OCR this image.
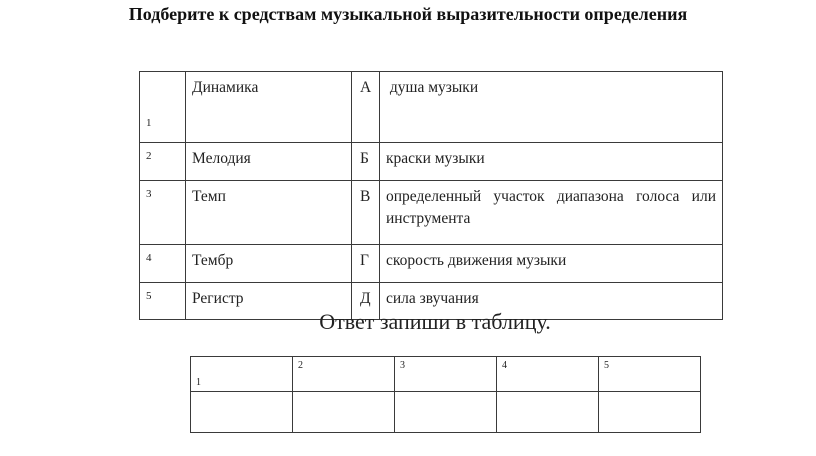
Подберите к средствам музыкальной выразительности определения
1	Динамика	А	душа музыки
2	Мелодия	Б	краски музыки
3	Темп	В	определенный участок диапазона голоса или инструмента
4	Тембр	Г	скорость движения музыки
5	Регистр	Д	сила звучания
Ответ запиши в таблицу.
1	2	3	4	5
